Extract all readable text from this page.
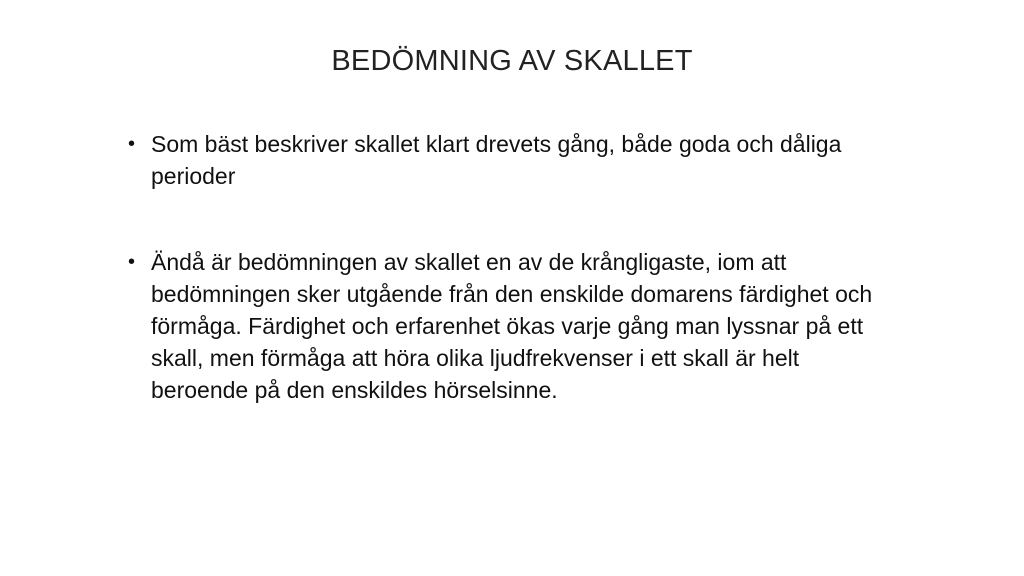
BEDÖMNING AV SKALLET
• Som bäst beskriver skallet klart drevets gång, både goda och dåliga perioder
• Ändå är bedömningen av skallet en av de krångligaste, iom att bedömningen sker utgående från den enskilde domarens färdighet och förmåga. Färdighet och erfarenhet ökas varje gång man lyssnar på ett skall, men förmåga att höra olika ljudfrekvenser i ett skall är helt beroende på den enskildes hörselsinne.
